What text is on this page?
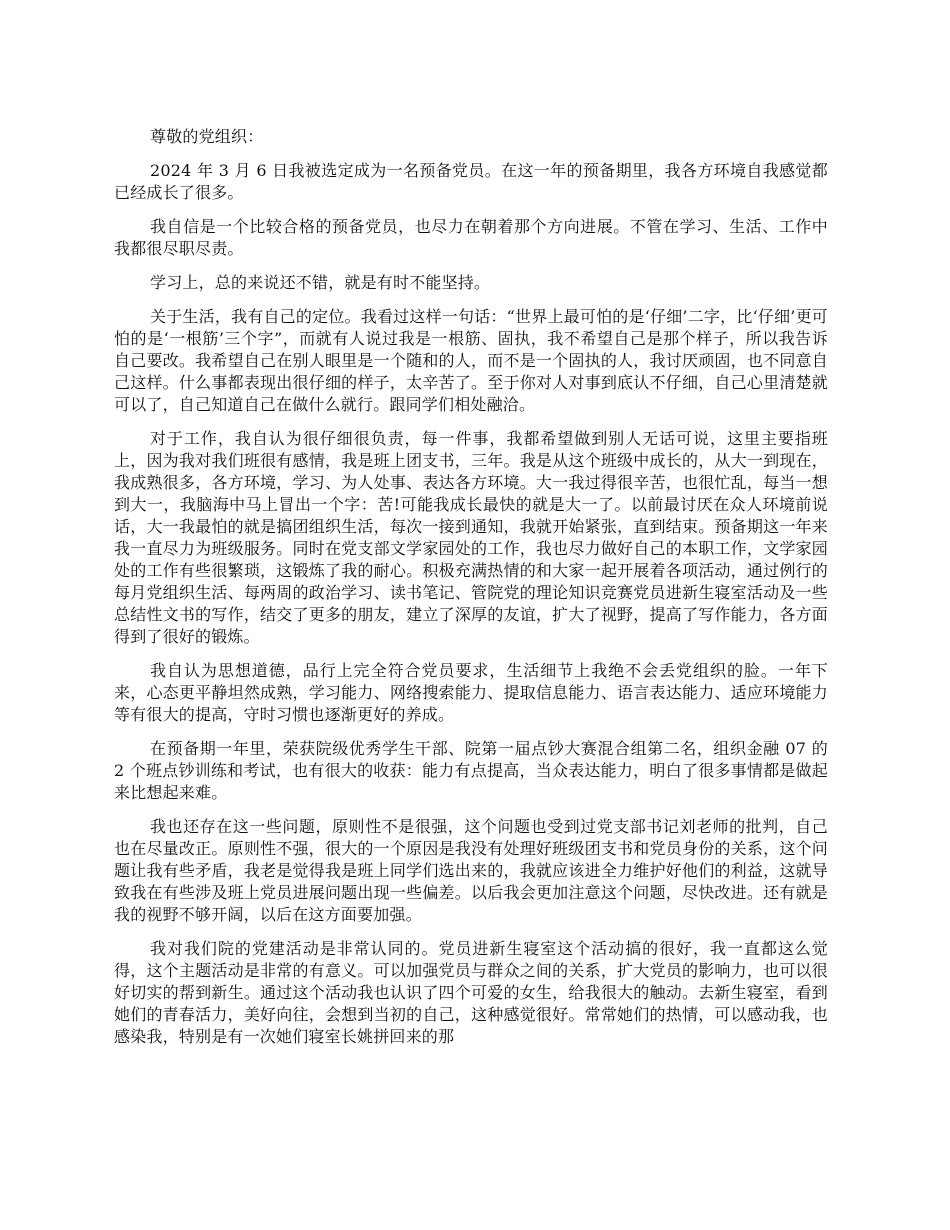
尊敬的党组织：

2024 年 3 月 6 日我被选定成为一名预备党员。在这一年的预备期里，我各方环境自我感觉都已经成长了很多。

我自信是一个比较合格的预备党员，也尽力在朝着那个方向进展。不管在学习、生活、工作中我都很尽职尽责。

学习上，总的来说还不错，就是有时不能坚持。

关于生活，我有自己的定位。我看过这样一句话：“世界上最可怕的是‘仔细’二字，比‘仔细’更可怕的是‘一根筋’三个字”，而就有人说过我是一根筋、固执，我不希望自己是那个样子，所以我告诉自己要改。我希望自己在别人眼里是一个随和的人，而不是一个固执的人，我讨厌顽固，也不同意自己这样。什么事都表现出很仔细的样子，太辛苦了。至于你对人对事到底认不仔细，自己心里清楚就可以了，自己知道自己在做什么就行。跟同学们相处融洽。

对于工作，我自认为很仔细很负责，每一件事，我都希望做到别人无话可说，这里主要指班上，因为我对我们班很有感情，我是班上团支书，三年。我是从这个班级中成长的，从大一到现在，我成熟很多，各方环境，学习、为人处事、表达各方环境。大一我过得很辛苦，也很忙乱，每当一想到大一，我脑海中马上冒出一个字：苦!可能我成长最快的就是大一了。以前最讨厌在众人环境前说话，大一我最怕的就是搞团组织生活，每次一接到通知，我就开始紧张，直到结束。预备期这一年来我一直尽力为班级服务。同时在党支部文学家园处的工作，我也尽力做好自己的本职工作，文学家园处的工作有些很繁琐，这锻炼了我的耐心。积极充满热情的和大家一起开展着各项活动，通过例行的每月党组织生活、每两周的政治学习、读书笔记、管院党的理论知识竞赛党员进新生寝室活动及一些总结性文书的写作，结交了更多的朋友，建立了深厚的友谊，扩大了视野，提高了写作能力，各方面得到了很好的锻炼。

我自认为思想道德，品行上完全符合党员要求，生活细节上我绝不会丢党组织的脸。一年下来，心态更平静坦然成熟，学习能力、网络搜索能力、提取信息能力、语言表达能力、适应环境能力等有很大的提高，守时习惯也逐渐更好的养成。

在预备期一年里，荣获院级优秀学生干部、院第一届点钞大赛混合组第二名，组织金融 07 的 2 个班点钞训练和考试，也有很大的收获：能力有点提高，当众表达能力，明白了很多事情都是做起来比想起来难。

我也还存在这一些问题，原则性不是很强，这个问题也受到过党支部书记刘老师的批判，自己也在尽量改正。原则性不强，很大的一个原因是我没有处理好班级团支书和党员身份的关系，这个问题让我有些矛盾，我老是觉得我是班上同学们选出来的，我就应该进全力维护好他们的利益，这就导致我在有些涉及班上党员进展问题出现一些偏差。以后我会更加注意这个问题，尽快改进。还有就是我的视野不够开阔，以后在这方面要加强。

我对我们院的党建活动是非常认同的。党员进新生寝室这个活动搞的很好，我一直都这么觉得，这个主题活动是非常的有意义。可以加强党员与群众之间的关系，扩大党员的影响力，也可以很好切实的帮到新生。通过这个活动我也认识了四个可爱的女生，给我很大的触动。去新生寝室，看到她们的青春活力，美好向往，会想到当初的自己，这种感觉很好。常常她们的热情，可以感动我，也感染我，特别是有一次她们寝室长姚拼回来的那
